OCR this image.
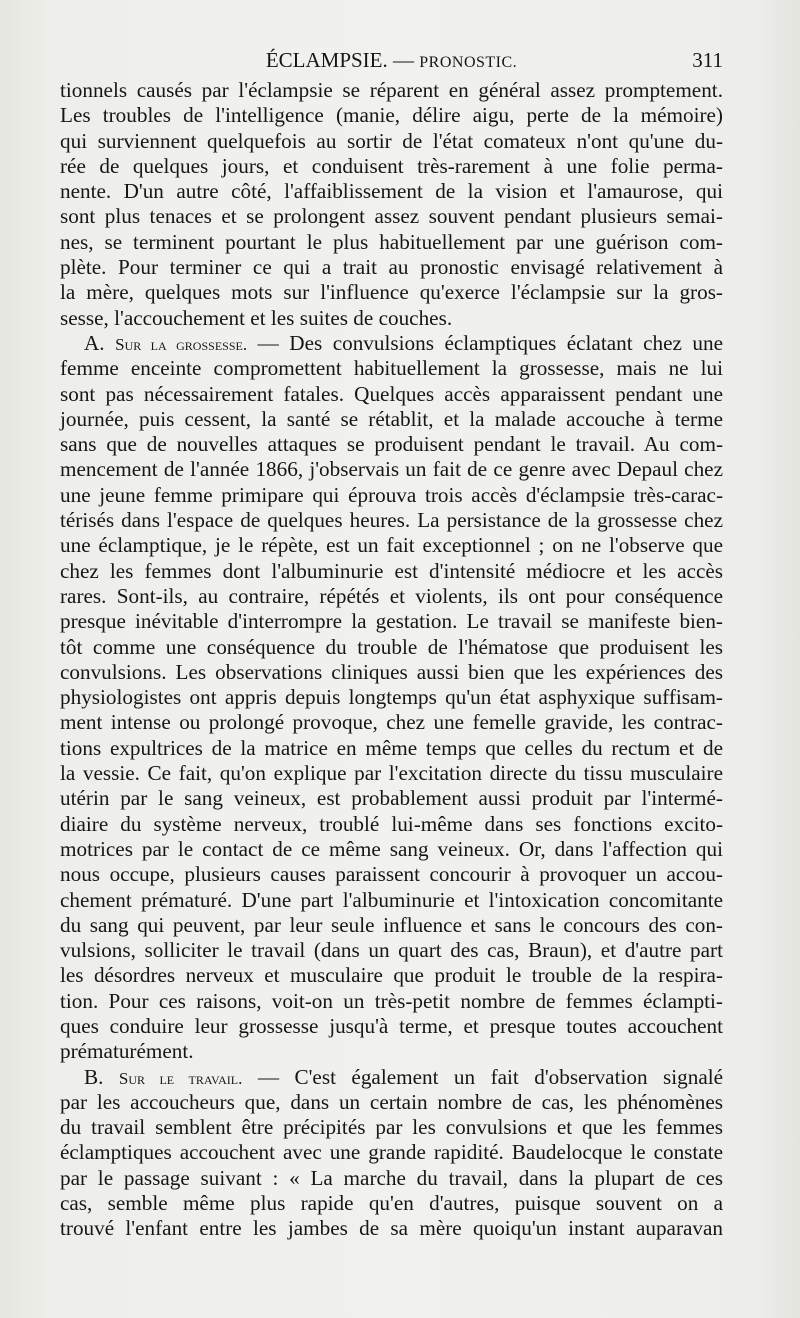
ÉCLAMPSIE. — PRONOSTIC.	311
tionnels causés par l'éclampsie se réparent en général assez promptement.
Les troubles de l'intelligence (manie, délire aigu, perte de la mémoire)
qui surviennent quelquefois au sortir de l'état comateux n'ont qu'une du-
rée de quelques jours, et conduisent très-rarement à une folie perma-
nente. D'un autre côté, l'affaiblissement de la vision et l'amaurose, qui
sont plus tenaces et se prolongent assez souvent pendant plusieurs semai-
nes, se terminent pourtant le plus habituellement par une guérison com-
plète. Pour terminer ce qui a trait au pronostic envisagé relativement à
la mère, quelques mots sur l'influence qu'exerce l'éclampsie sur la gros-
sesse, l'accouchement et les suites de couches.
A. Sur la grossesse. — Des convulsions éclamptiques éclatant chez une
femme enceinte compromettent habituellement la grossesse, mais ne lui
sont pas nécessairement fatales. Quelques accès apparaissent pendant une
journée, puis cessent, la santé se rétablit, et la malade accouche à terme
sans que de nouvelles attaques se produisent pendant le travail. Au com-
mencement de l'année 1866, j'observais un fait de ce genre avec Depaul chez
une jeune femme primipare qui éprouva trois accès d'éclampsie très-carac-
térisés dans l'espace de quelques heures. La persistance de la grossesse chez
une éclamptique, je le répète, est un fait exceptionnel ; on ne l'observe que
chez les femmes dont l'albuminurie est d'intensité médiocre et les accès
rares. Sont-ils, au contraire, répétés et violents, ils ont pour conséquence
presque inévitable d'interrompre la gestation. Le travail se manifeste bien-
tôt comme une conséquence du trouble de l'hématose que produisent les
convulsions. Les observations cliniques aussi bien que les expériences des
physiologistes ont appris depuis longtemps qu'un état asphyxique suffisam-
ment intense ou prolongé provoque, chez une femelle gravide, les contrac-
tions expultrices de la matrice en même temps que celles du rectum et de
la vessie. Ce fait, qu'on explique par l'excitation directe du tissu musculaire
utérin par le sang veineux, est probablement aussi produit par l'intermé-
diaire du système nerveux, troublé lui-même dans ses fonctions excito-
motrices par le contact de ce même sang veineux. Or, dans l'affection qui
nous occupe, plusieurs causes paraissent concourir à provoquer un accou-
chement prématuré. D'une part l'albuminurie et l'intoxication concomitante
du sang qui peuvent, par leur seule influence et sans le concours des con-
vulsions, solliciter le travail (dans un quart des cas, Braun), et d'autre part
les désordres nerveux et musculaire que produit le trouble de la respira-
tion. Pour ces raisons, voit-on un très-petit nombre de femmes éclampti-
ques conduire leur grossesse jusqu'à terme, et presque toutes accouchent
prématurément.
B. Sur le travail. — C'est également un fait d'observation signalé
par les accoucheurs que, dans un certain nombre de cas, les phénomènes
du travail semblent être précipités par les convulsions et que les femmes
éclamptiques accouchent avec une grande rapidité. Baudelocque le constate
par le passage suivant : « La marche du travail, dans la plupart de ces
cas, semble même plus rapide qu'en d'autres, puisque souvent on a
trouvé l'enfant entre les jambes de sa mère quoiqu'un instant auparavan
